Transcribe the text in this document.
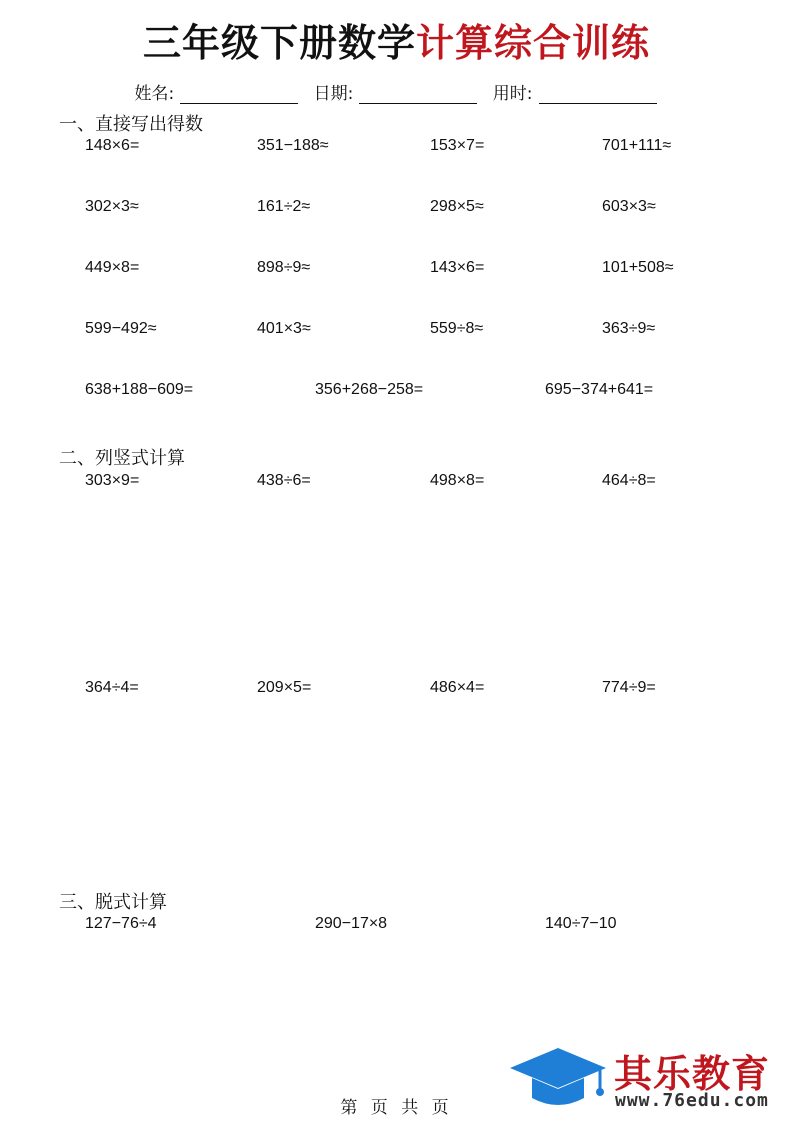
三年级下册数学计算综合训练
姓名:	日期:	用时:
一、直接写出得数
148×6=	351−188≈	153×7=	701+111≈
302×3≈	161÷2≈	298×5≈	603×3≈
449×8=	898÷9≈	143×6=	101+508≈
599−492≈	401×3≈	559÷8≈	363÷9≈
638+188−609=	356+268−258=	695−374+641=
二、列竖式计算
303×9=	438÷6=	498×8=	464÷8=
364÷4=	209×5=	486×4=	774÷9=
三、脱式计算
127−76÷4	290−17×8	140÷7−10
第 页 共 页
其乐教育
www.76edu.com
